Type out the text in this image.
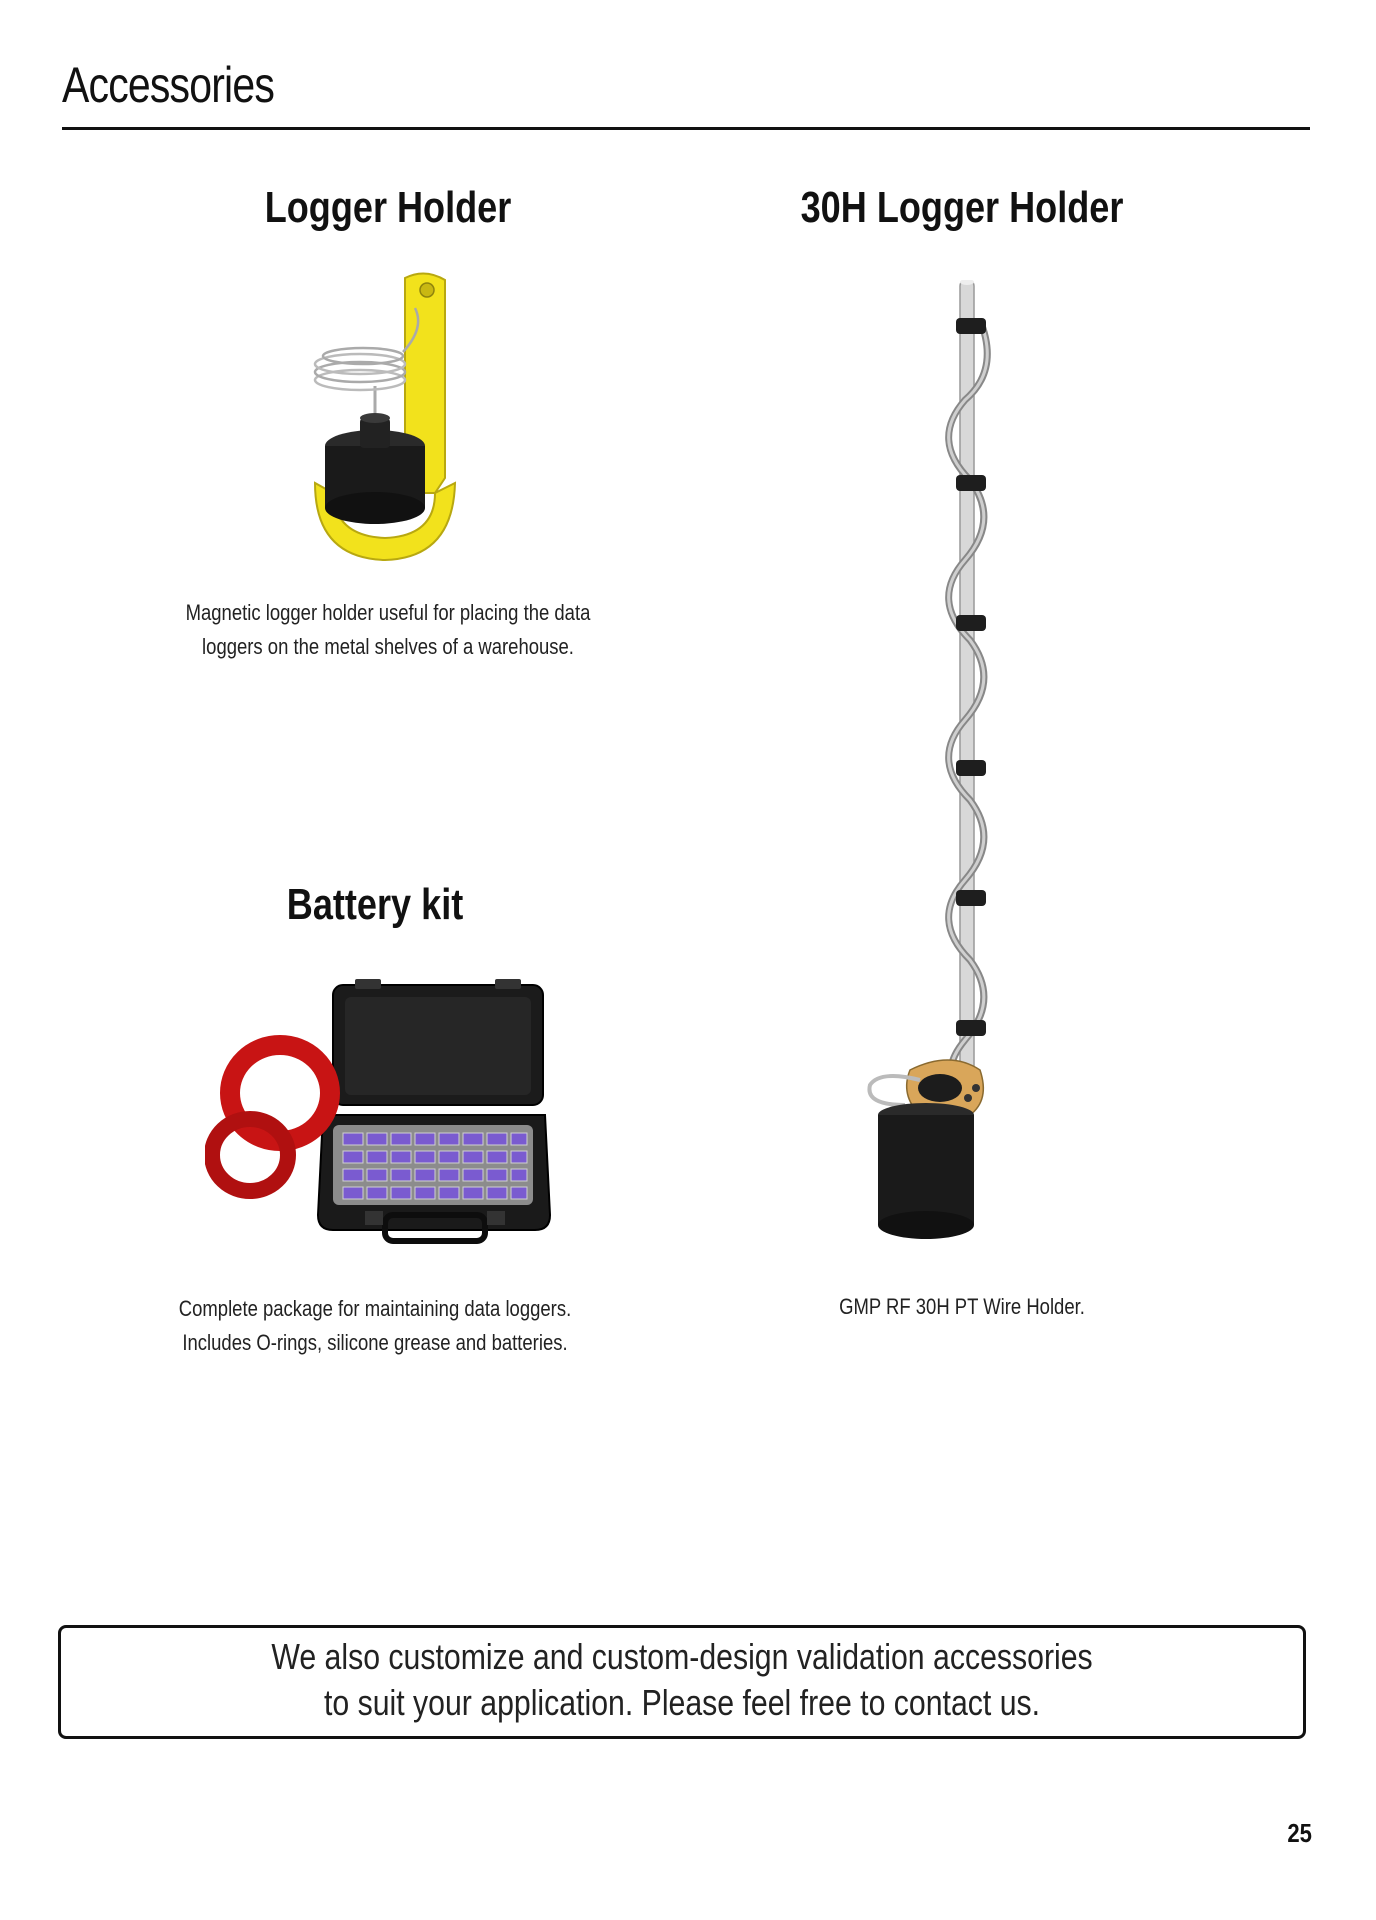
Accessories
Logger Holder
Magnetic logger holder useful for placing the data
loggers on the metal shelves of a warehouse.
30H Logger Holder
GMP RF 30H PT Wire Holder.
Battery kit
Complete package for maintaining data loggers.
Includes O-rings, silicone grease and batteries.
We also customize and custom-design validation accessories
to suit your application. Please feel free to contact us.
25
